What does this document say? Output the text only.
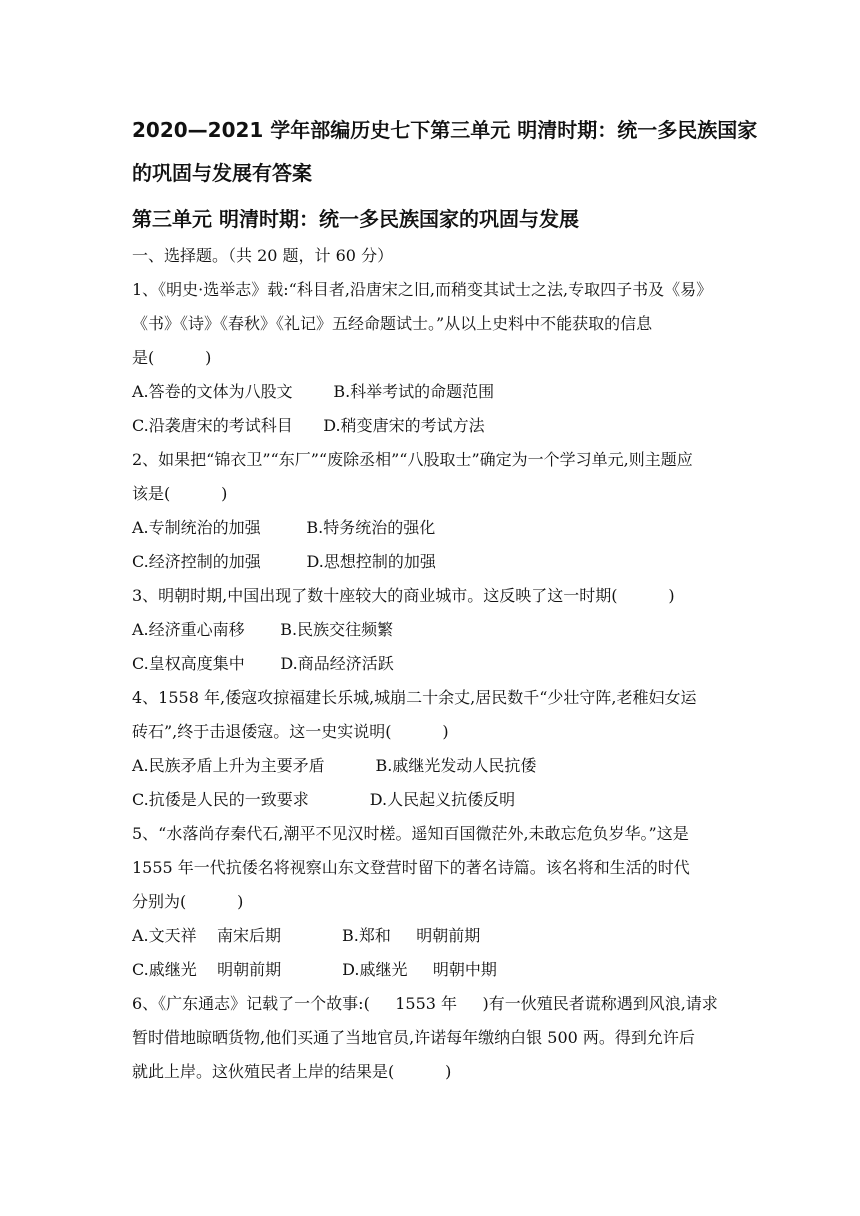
2020—2021 学年部编历史七下第三单元 明清时期：统一多民族国家
的巩固与发展有答案
第三单元 明清时期：统一多民族国家的巩固与发展
一、选择题。（共 20 题，计 60 分）
1、《明史·选举志》载:“科目者,沿唐宋之旧,而稍变其试士之法,专取四子书及《易》
《书》《诗》《春秋》《礼记》五经命题试士。”从以上史料中不能获取的信息
是(          )
A.答卷的文体为八股文        B.科举考试的命题范围
C.沿袭唐宋的考试科目      D.稍变唐宋的考试方法
2、如果把“锦衣卫”“东厂”“废除丞相”“八股取士”确定为一个学习单元,则主题应
该是(          )
A.专制统治的加强         B.特务统治的强化
C.经济控制的加强         D.思想控制的加强
3、明朝时期,中国出现了数十座较大的商业城市。这反映了这一时期(          )
A.经济重心南移       B.民族交往频繁
C.皇权高度集中       D.商品经济活跃
4、1558 年,倭寇攻掠福建长乐城,城崩二十余丈,居民数千“少壮守阵,老稚妇女运
砖石”,终于击退倭寇。这一史实说明(          )
A.民族矛盾上升为主要矛盾          B.戚继光发动人民抗倭
C.抗倭是人民的一致要求            D.人民起义抗倭反明
5、“水落尚存秦代石,潮平不见汉时槎。遥知百国微茫外,未敢忘危负岁华。”这是
1555 年一代抗倭名将视察山东文登营时留下的著名诗篇。该名将和生活的时代
分别为(          )
A.文天祥    南宋后期            B.郑和     明朝前期
C.戚继光    明朝前期            D.戚继光     明朝中期
6、《广东通志》记载了一个故事:(     1553 年     )有一伙殖民者谎称遇到风浪,请求
暂时借地晾晒货物,他们买通了当地官员,许诺每年缴纳白银 500 两。得到允许后
就此上岸。这伙殖民者上岸的结果是(          )
